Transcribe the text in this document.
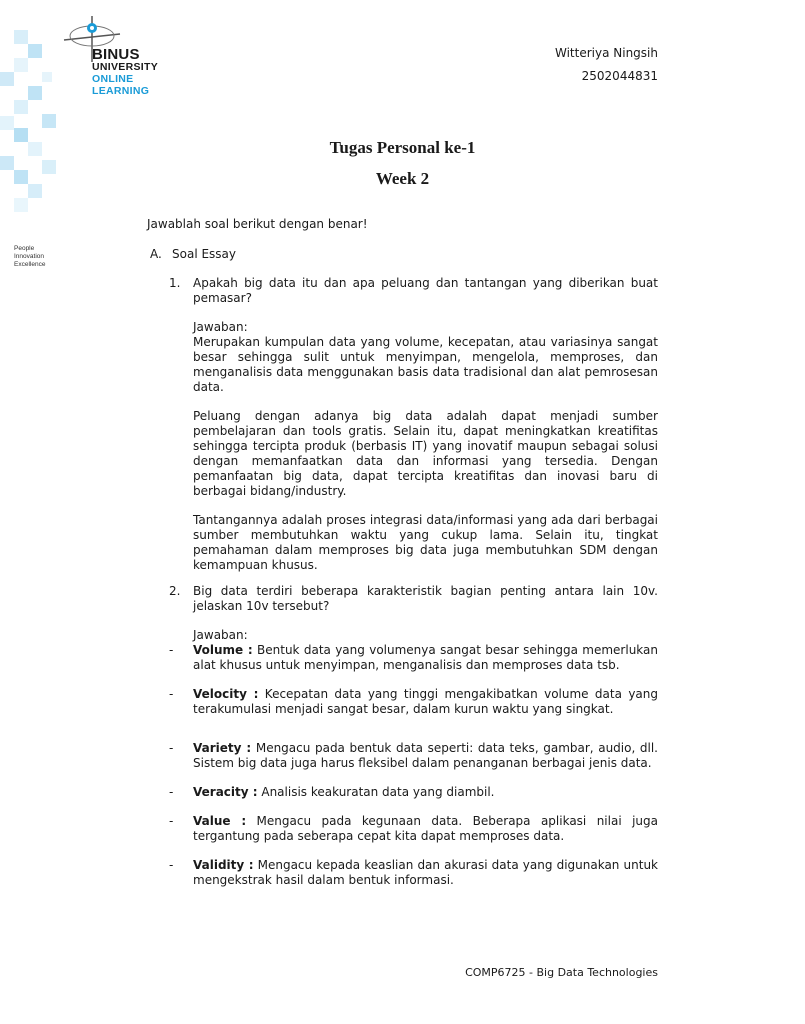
BINUS
UNIVERSITY
ONLINE
LEARNING
People
Innovation
Excellence
Witteriya Ningsih
2502044831
Tugas Personal ke-1
Week 2
Jawablah soal berikut dengan benar!
A. Soal Essay
1. Apakah big data itu dan apa peluang dan tantangan yang diberikan buat pemasar?

Jawaban:

Merupakan kumpulan data yang volume, kecepatan, atau variasinya sangat besar sehingga sulit untuk menyimpan, mengelola, memproses, dan menganalisis data menggunakan basis data tradisional dan alat pemrosesan data.

Peluang dengan adanya big data adalah dapat menjadi sumber pembelajaran dan tools gratis. Selain itu, dapat meningkatkan kreatifitas sehingga tercipta produk (berbasis IT) yang inovatif maupun sebagai solusi dengan memanfaatkan data dan informasi yang tersedia. Dengan pemanfaatan big data, dapat tercipta kreatifitas dan inovasi baru di berbagai bidang/industry.

Tantangannya adalah proses integrasi data/informasi yang ada dari berbagai sumber membutuhkan waktu yang cukup lama. Selain itu, tingkat pemahaman dalam memproses big data juga membutuhkan SDM dengan kemampuan khusus.

2. Big data terdiri beberapa karakteristik bagian penting antara lain 10v. jelaskan 10v tersebut?

Jawaban:

- Volume : Bentuk data yang volumenya sangat besar sehingga memerlukan alat khusus untuk menyimpan, menganalisis dan memproses data tsb.
- Velocity : Kecepatan data yang tinggi mengakibatkan volume data yang terakumulasi menjadi sangat besar, dalam kurun waktu yang singkat.
- Variety : Mengacu pada bentuk data seperti: data teks, gambar, audio, dll. Sistem big data juga harus fleksibel dalam penanganan berbagai jenis data.
- Veracity : Analisis keakuratan data yang diambil.
- Value : Mengacu pada kegunaan data. Beberapa aplikasi nilai juga tergantung pada seberapa cepat kita dapat memproses data.
- Validity : Mengacu kepada keaslian dan akurasi data yang digunakan untuk mengekstrak hasil dalam bentuk informasi.
COMP6725 - Big Data Technologies
